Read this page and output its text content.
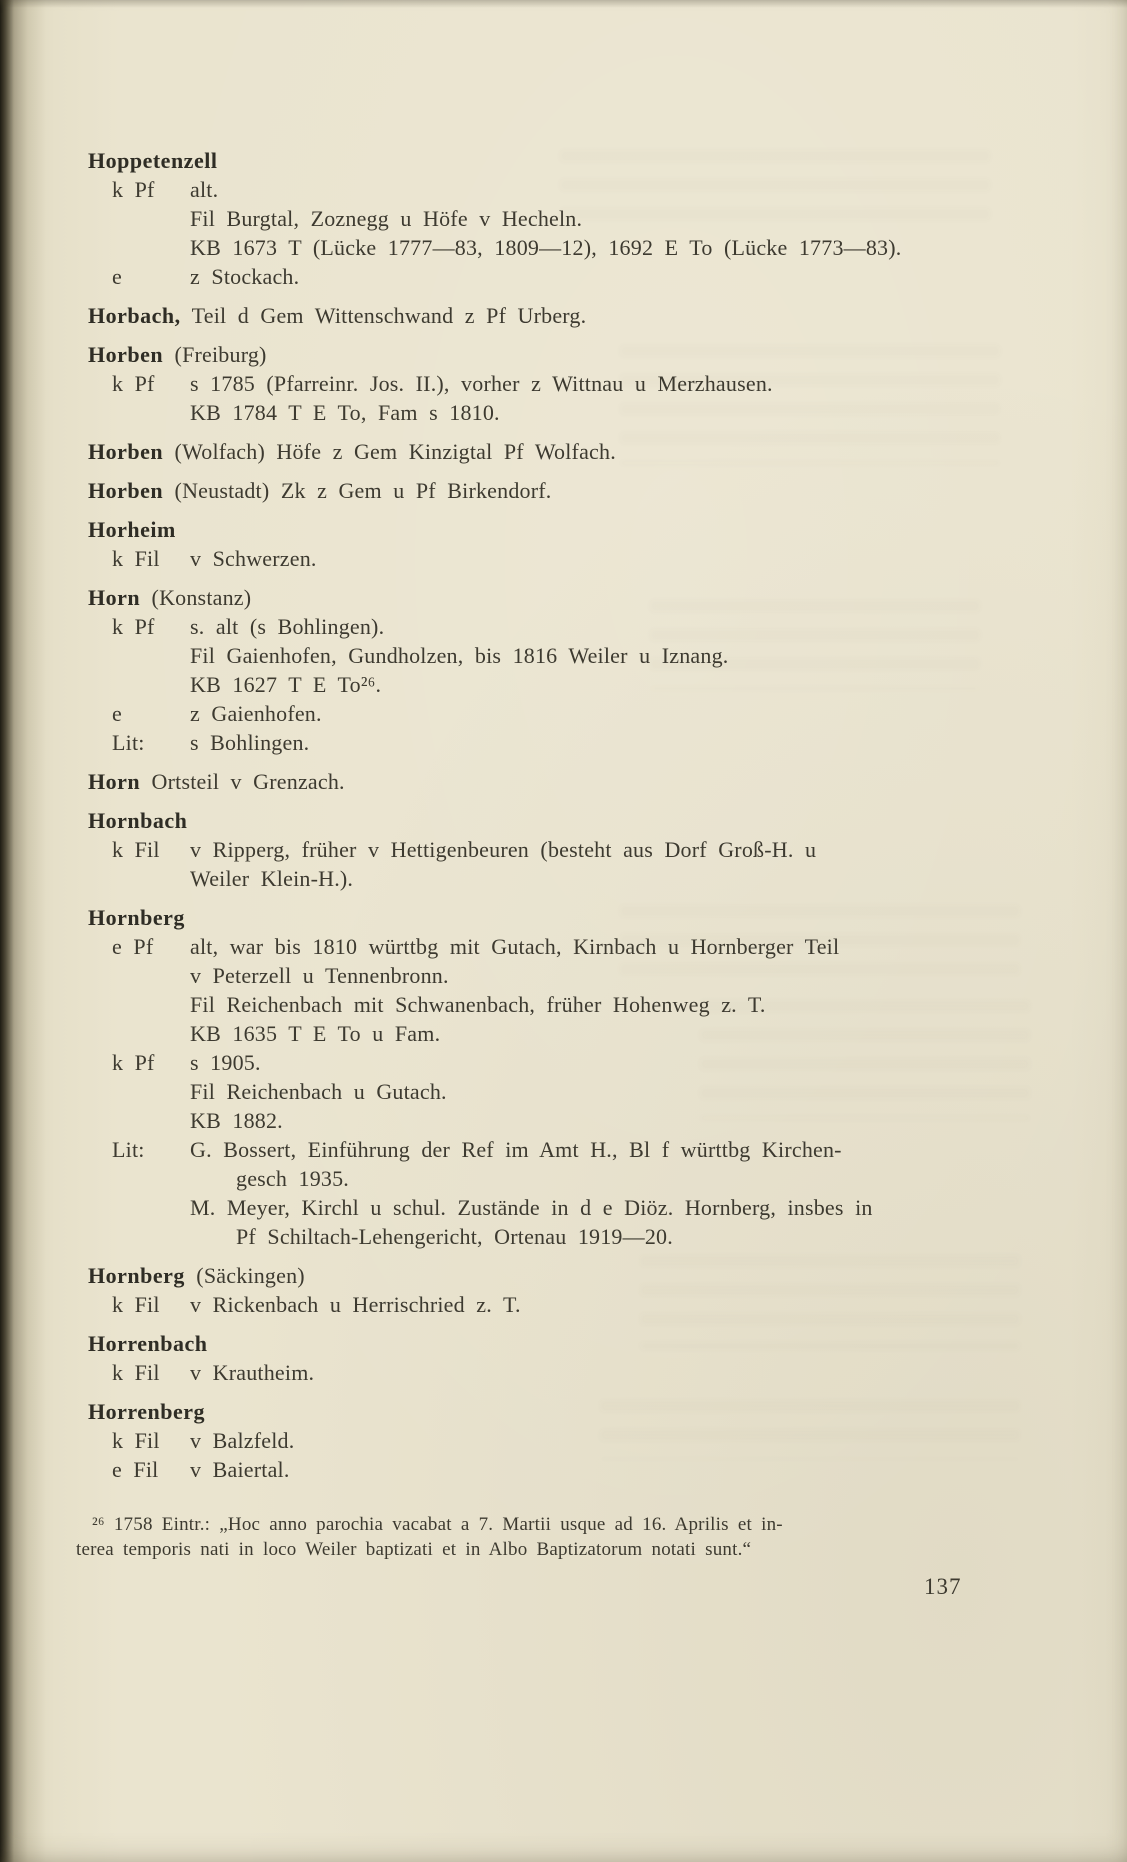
Hoppetenzell
k Pf	alt.
Fil Burgtal, Zoznegg u Höfe v Hecheln.
KB 1673 T (Lücke 1777—83, 1809—12), 1692 E To (Lücke 1773—83).
e	z Stockach.
Horbach, Teil d Gem Wittenschwand z Pf Urberg.
Horben (Freiburg)
k Pf	s 1785 (Pfarreinr. Jos. II.), vorher z Wittnau u Merzhausen.
KB 1784 T E To, Fam s 1810.
Horben (Wolfach) Höfe z Gem Kinzigtal Pf Wolfach.
Horben (Neustadt) Zk z Gem u Pf Birkendorf.
Horheim
k Fil	v Schwerzen.
Horn (Konstanz)
k Pf	s. alt (s Bohlingen).
Fil Gaienhofen, Gundholzen, bis 1816 Weiler u Iznang.
KB 1627 T E To²⁶.
e	z Gaienhofen.
Lit:	s Bohlingen.
Horn Ortsteil v Grenzach.
Hornbach
k Fil	v Ripperg, früher v Hettigenbeuren (besteht aus Dorf Groß-H. u
Weiler Klein-H.).
Hornberg
e Pf	alt, war bis 1810 württbg mit Gutach, Kirnbach u Hornberger Teil
v Peterzell u Tennenbronn.
Fil Reichenbach mit Schwanenbach, früher Hohenweg z. T.
KB 1635 T E To u Fam.
k Pf	s 1905.
Fil Reichenbach u Gutach.
KB 1882.
Lit:	G. Bossert, Einführung der Ref im Amt H., Bl f württbg Kirchen-
gesch 1935.
M. Meyer, Kirchl u schul. Zustände in d e Diöz. Hornberg, insbes in
Pf Schiltach-Lehengericht, Ortenau 1919—20.
Hornberg (Säckingen)
k Fil	v Rickenbach u Herrischried z. T.
Horrenbach
k Fil	v Krautheim.
Horrenberg
k Fil	v Balzfeld.
e Fil	v Baiertal.
²⁶ 1758 Eintr.: „Hoc anno parochia vacabat a 7. Martii usque ad 16. Aprilis et in-
terea temporis nati in loco Weiler baptizati et in Albo Baptizatorum notati sunt.“
137
